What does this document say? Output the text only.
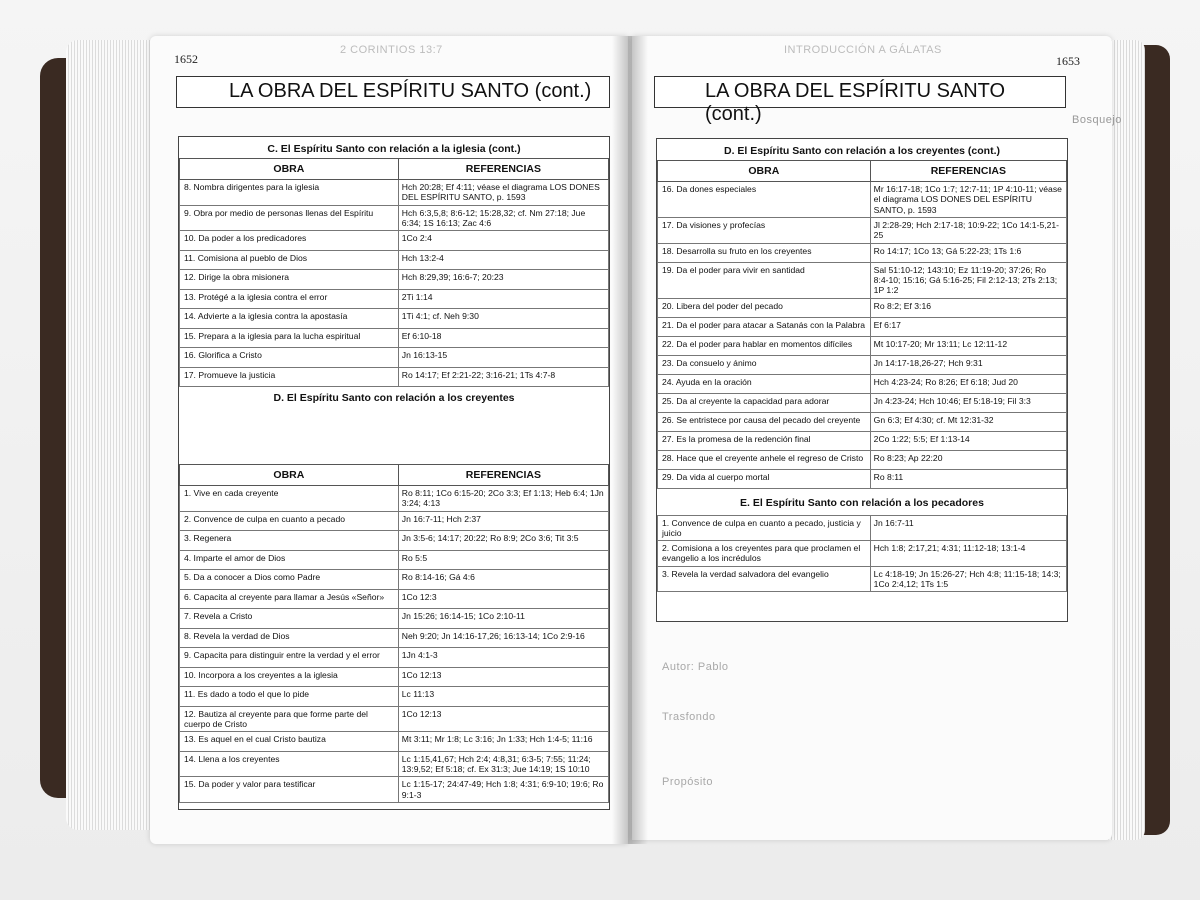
1652
2 CORINTIOS 13:7
LA OBRA DEL ESPÍRITU SANTO (cont.)
C. El Espíritu Santo con relación a la iglesia (cont.)
OBRA	REFERENCIAS
8. Nombra dirigentes para la iglesia	Hch 20:28; Ef 4:11; véase el diagrama LOS DONES DEL ESPÍRITU SANTO, p. 1593
9. Obra por medio de personas llenas del Espíritu	Hch 6:3,5,8; 8:6-12; 15:28,32; cf. Nm 27:18; Jue 6:34; 1S 16:13; Zac 4:6
10. Da poder a los predicadores	1Co 2:4
11. Comisiona al pueblo de Dios	Hch 13:2-4
12. Dirige la obra misionera	Hch 8:29,39; 16:6-7; 20:23
13. Protégé a la iglesia contra el error	2Ti 1:14
14. Advierte a la iglesia contra la apostasía	1Ti 4:1; cf. Neh 9:30
15. Prepara a la iglesia para la lucha espiritual	Ef 6:10-18
16. Glorifica a Cristo	Jn 16:13-15
17. Promueve la justicia	Ro 14:17; Ef 2:21-22; 3:16-21; 1Ts 4:7-8
D. El Espíritu Santo con relación a los creyentes
OBRA	REFERENCIAS
1. Vive en cada creyente	Ro 8:11; 1Co 6:15-20; 2Co 3:3; Ef 1:13; Heb 6:4; 1Jn 3:24; 4:13
2. Convence de culpa en cuanto a pecado	Jn 16:7-11; Hch 2:37
3. Regenera	Jn 3:5-6; 14:17; 20:22; Ro 8:9; 2Co 3:6; Tit 3:5
4. Imparte el amor de Dios	Ro 5:5
5. Da a conocer a Dios como Padre	Ro 8:14-16; Gá 4:6
6. Capacita al creyente para llamar a Jesús «Señor»	1Co 12:3
7. Revela a Cristo	Jn 15:26; 16:14-15; 1Co 2:10-11
8. Revela la verdad de Dios	Neh 9:20; Jn 14:16-17,26; 16:13-14; 1Co 2:9-16
9. Capacita para distinguir entre la verdad y el error	1Jn 4:1-3
10. Incorpora a los creyentes a la iglesia	1Co 12:13
11. Es dado a todo el que lo pide	Lc 11:13
12. Bautiza al creyente para que forme parte del cuerpo de Cristo	1Co 12:13
13. Es aquel en el cual Cristo bautiza	Mt 3:11; Mr 1:8; Lc 3:16; Jn 1:33; Hch 1:4-5; 11:16
14. Llena a los creyentes	Lc 1:15,41,67; Hch 2:4; 4:8,31; 6:3-5; 7:55; 11:24; 13:9,52; Ef 5:18; cf. Ex 31:3; Jue 14:19; 1S 10:10
15. Da poder y valor para testificar	Lc 1:15-17; 24:47-49; Hch 1:8; 4:31; 6:9-10; 19:6; Ro 9:1-3
1653
INTRODUCCIÓN A GÁLATAS
LA OBRA DEL ESPÍRITU SANTO (cont.)	Bosquejo
D. El Espíritu Santo con relación a los creyentes (cont.)
OBRA	REFERENCIAS
16. Da dones especiales	Mr 16:17-18; 1Co 1:7; 12:7-11; 1P 4:10-11; véase el diagrama LOS DONES DEL ESPÍRITU SANTO, p. 1593
17. Da visiones y profecías	Jl 2:28-29; Hch 2:17-18; 10:9-22; 1Co 14:1-5,21-25
18. Desarrolla su fruto en los creyentes	Ro 14:17; 1Co 13; Gá 5:22-23; 1Ts 1:6
19. Da el poder para vivir en santidad	Sal 51:10-12; 143:10; Ez 11:19-20; 37:26; Ro 8:4-10; 15:16; Gá 5:16-25; Fil 2:12-13; 2Ts 2:13; 1P 1:2
20. Libera del poder del pecado	Ro 8:2; Ef 3:16
21. Da el poder para atacar a Satanás con la Palabra	Ef 6:17
22. Da el poder para hablar en momentos difíciles	Mt 10:17-20; Mr 13:11; Lc 12:11-12
23. Da consuelo y ánimo	Jn 14:17-18,26-27; Hch 9:31
24. Ayuda en la oración	Hch 4:23-24; Ro 8:26; Ef 6:18; Jud 20
25. Da al creyente la capacidad para adorar	Jn 4:23-24; Hch 10:46; Ef 5:18-19; Fil 3:3
26. Se entristece por causa del pecado del creyente	Gn 6:3; Ef 4:30; cf. Mt 12:31-32
27. Es la promesa de la redención final	2Co 1:22; 5:5; Ef 1:13-14
28. Hace que el creyente anhele el regreso de Cristo	Ro 8:23; Ap 22:20
29. Da vida al cuerpo mortal	Ro 8:11
E. El Espíritu Santo con relación a los pecadores
1. Convence de culpa en cuanto a pecado, justicia y juicio	Jn 16:7-11
2. Comisiona a los creyentes para que proclamen el evangelio a los incrédulos	Hch 1:8; 2:17,21; 4:31; 11:12-18; 13:1-4
3. Revela la verdad salvadora del evangelio	Lc 4:18-19; Jn 15:26-27; Hch 4:8; 11:15-18; 14:3; 1Co 2:4,12; 1Ts 1:5
Autor: Pablo
Trasfondo
Propósito
